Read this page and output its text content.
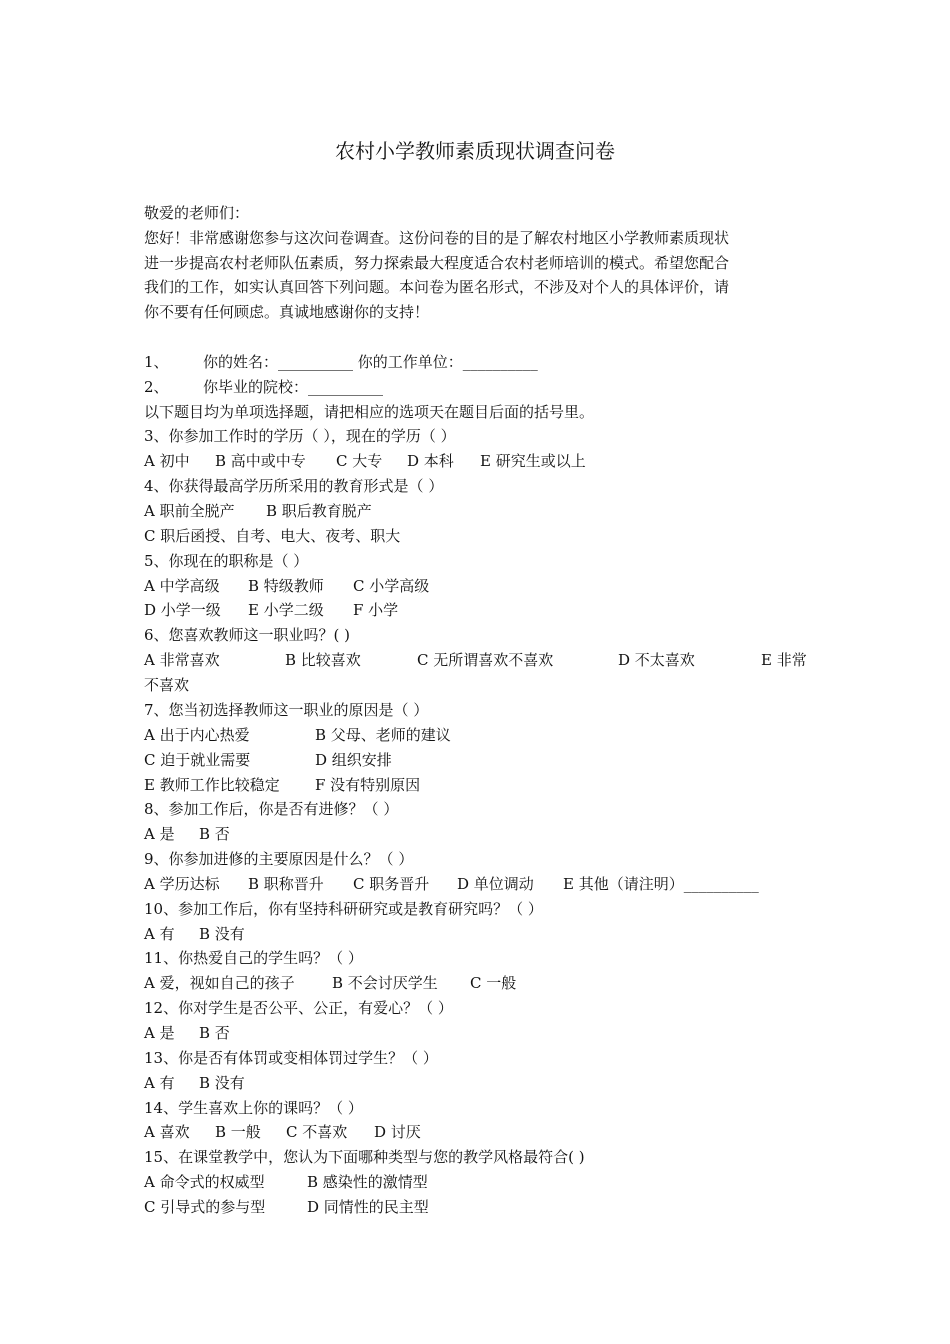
农村小学教师素质现状调查问卷
敬爱的老师们：
您好！非常感谢您参与这次问卷调查。这份问卷的目的是了解农村地区小学教师素质现状
进一步提高农村老师队伍素质，努力探索最大程度适合农村老师培训的模式。希望您配合
我们的工作，如实认真回答下列问题。本问卷为匿名形式，不涉及对个人的具体评价，请
你不要有任何顾虑。真诚地感谢你的支持！
1、 你的姓名：__________ 你的工作单位：__________
2、 你毕业的院校：__________
以下题目均为单项选择题，请把相应的选项天在题目后面的括号里。
3、你参加工作时的学历（ ），现在的学历（ ）
A 初中 B 高中或中专 C 大专 D 本科 E 研究生或以上
4、你获得最高学历所采用的教育形式是（ ）
A 职前全脱产 B 职后教育脱产
C 职后函授、自考、电大、夜考、职大
5、你现在的职称是（ ）
A 中学高级 B 特级教师 C 小学高级
D 小学一级 E 小学二级 F 小学
6、您喜欢教师这一职业吗？( )
A 非常喜欢	B 比较喜欢	C 无所谓喜欢不喜欢	D 不太喜欢	E 非常
不喜欢
7、您当初选择教师这一职业的原因是（ ）
A 出于内心热爱	B 父母、老师的建议
C 迫于就业需要	D 组织安排
E 教师工作比较稳定 F 没有特别原因
8、参加工作后，你是否有进修？（ ）
A 是 B 否
9、你参加进修的主要原因是什么？（ ）
A 学历达标 B 职称晋升 C 职务晋升 D 单位调动 E 其他（请注明）__________
10、参加工作后，你有坚持科研研究或是教育研究吗？（ ）
A 有 B 没有
11、你热爱自己的学生吗？（ ）
A 爱，视如自己的孩子 B 不会讨厌学生 C 一般
12、你对学生是否公平、公正，有爱心？（ ）
A 是 B 否
13、你是否有体罚或变相体罚过学生？（ ）
A 有 B 没有
14、学生喜欢上你的课吗？（ ）
A 喜欢 B 一般 C 不喜欢 D 讨厌
15、在课堂教学中，您认为下面哪种类型与您的教学风格最符合( )
A 命令式的权威型	B 感染性的激情型
C 引导式的参与型	D 同情性的民主型
